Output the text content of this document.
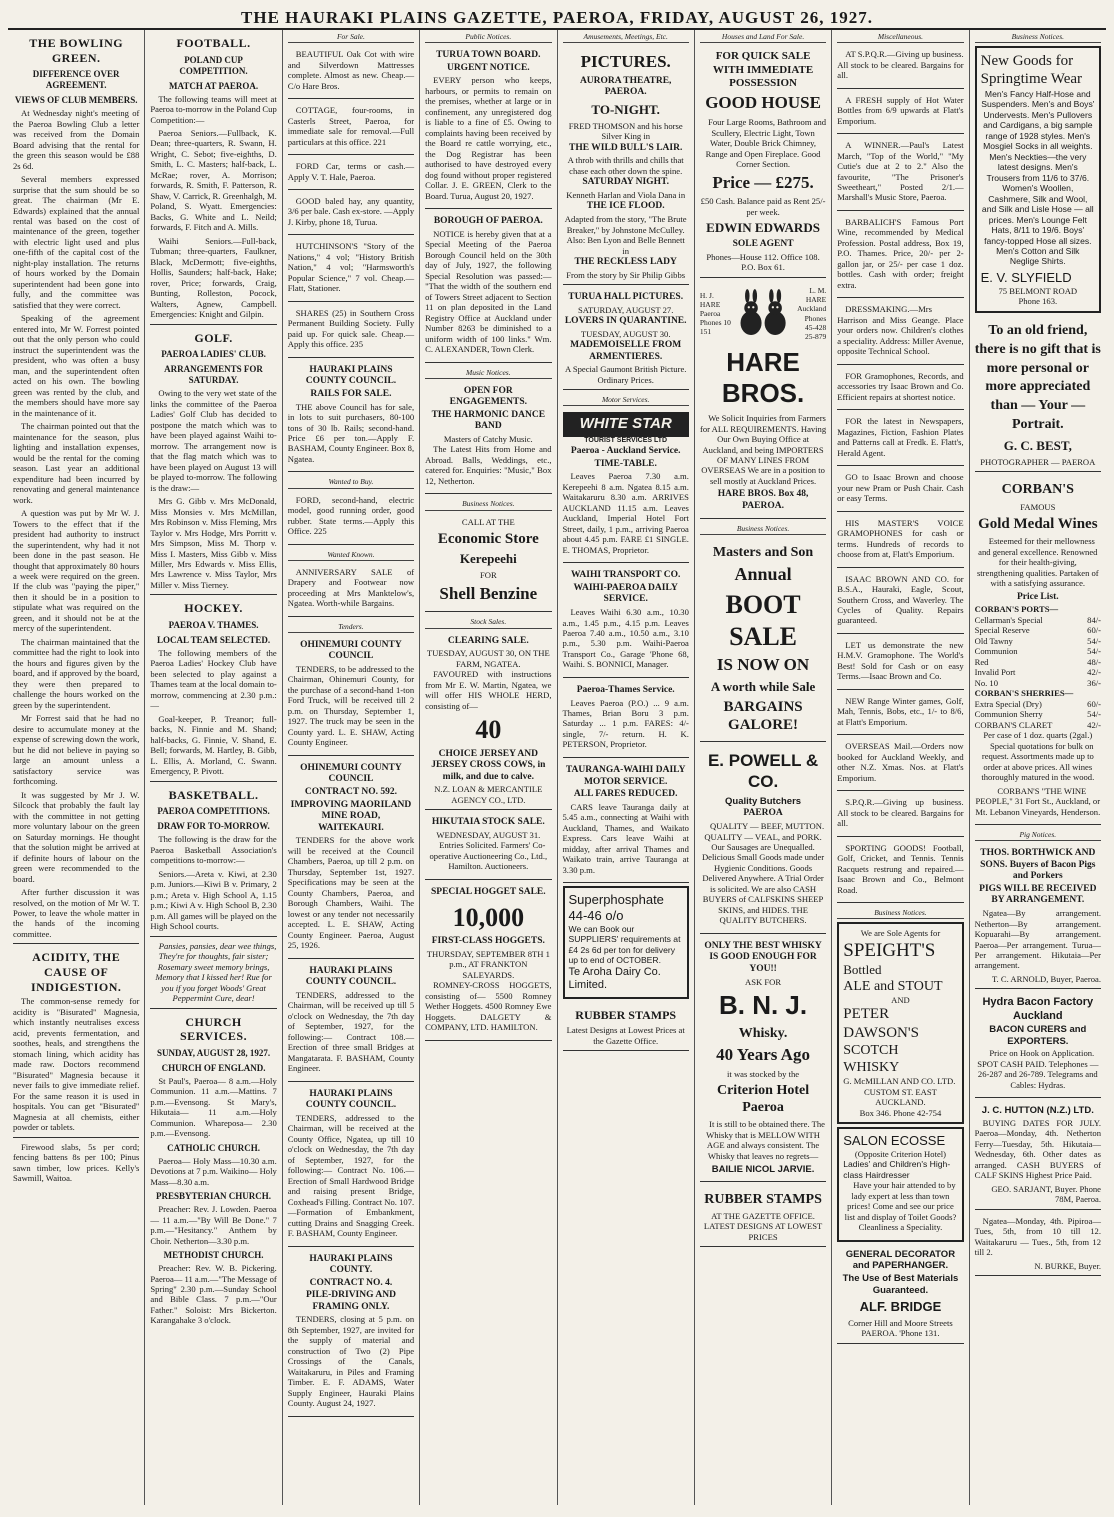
THE HAURAKI PLAINS GAZETTE, PAEROA, FRIDAY, AUGUST 26, 1927.
THE BOWLING GREEN.
DIFFERENCE OVER AGREEMENT.
VIEWS OF CLUB MEMBERS.

At Wednesday night's meeting of the Paeroa Bowling Club a letter was received from the Domain Board advising that the rental for the green this season would be £88 2s 6d.

Several members expressed surprise that the sum should be so great. The chairman (Mr E. Edwards) explained that the annual rental was based on the cost of maintenance of the green, together with electric light used and plus one-fifth of the capital cost of the night-play installation. The returns of hours worked by the Domain superintendent had been gone into fully, and the committee was satisfied that they were correct.

Speaking of the agreement entered into, Mr W. Forrest pointed out that the only person who could instruct the superintendent was the president, who was often a busy man, and the superintendent often acted on his own. The bowling green was rented by the club, and the members should have more say in the maintenance of it.

The chairman pointed out that the maintenance for the season, plus lighting and installation expenses, would be the rental for the coming season. Last year an additional expenditure had been incurred by renovating and general maintenance work.

A question was put by Mr W. J. Towers to the effect that if the president had authority to instruct the superintendent, why had it not been done in the past season. He thought that approximately 80 hours a week were required on the green. If the club was "paying the piper," then it should be in a position to stipulate what was required on the green, and it should not be at the mercy of the superintendent.

The chairman maintained that the committee had the right to look into the hours and figures given by the board, and if approved by the board, they were then prepared to challenge the hours worked on the green by the superintendent.

Mr Forrest said that he had no desire to accumulate money at the expense of screwing down the work, but he did not believe in paying so large an amount unless a satisfactory service was forthcoming.

It was suggested by Mr J. W. Silcock that probably the fault lay with the committee in not getting more voluntary labour on the green on Saturday mornings. He thought that the solution might be arrived at if definite hours of labour on the green were recommended to the board.

After further discussion it was resolved, on the motion of Mr W. T. Power, to leave the whole matter in the hands of the incoming committee.

ACIDITY, THE CAUSE OF INDIGESTION.

The common-sense remedy for acidity is "Bisurated" Magnesia, which instantly neutralises excess acid, prevents fermentation, and soothes, heals, and strengthens the stomach lining, which acidity has made raw. Doctors recommend "Bisurated" Magnesia because it never fails to give immediate relief. For the same reason it is used in hospitals. You can get "Bisurated" Magnesia at all chemists, either powder or tablets.

Firewood slabs, 5s per cord; fencing battens 8s per 100; Pinus sawn timber, low prices. Kelly's Sawmill, Waitoa.

FOOTBALL.
POLAND CUP COMPETITION.
MATCH AT PAEROA.

The following teams will meet at Paeroa to-morrow in the Poland Cup Competition:—

Paeroa Seniors.—Fullback, K. Dean; three-quarters, R. Swann, H. Wright, C. Sebot; five-eighths, D. Smith, L. C. Masters; half-back, L. McRae; rover, A. Morrison; forwards, R. Smith, F. Patterson, R. Shaw, V. Carrick, R. Greenhalgh, M. Poland, S. Wyatt. Emergencies: Backs, G. White and L. Neild; forwards, F. Fitch and A. Mills.

Waihi Seniors.—Full-back, Tubman; three-quarters, Faulkner, Black, McDermott; five-eighths, Hollis, Saunders; half-back, Hake; rover, Price; forwards, Craig, Bunting, Rolleston, Pocock, Walters, Agnew, Campbell. Emergencies: Knight and Gilpin.

GOLF.
PAEROA LADIES' CLUB.
ARRANGEMENTS FOR SATURDAY.

Owing to the very wet state of the links the committee of the Paeroa Ladies' Golf Club has decided to postpone the match which was to have been played against Waihi to-morrow. The arrangement now is that the flag match which was to have been played on August 13 will be played to-morrow. The following is the draw:—

Mrs G. Gibb v. Mrs McDonald, Miss Monsies v. Mrs McMillan, Mrs Robinson v. Miss Fleming, Mrs Taylor v. Mrs Hodge, Mrs Porritt v. Mrs Simpson, Miss M. Thorp v. Miss I. Masters, Miss Gibb v. Miss Miller, Mrs Edwards v. Miss Ellis, Mrs Lawrence v. Miss Taylor, Mrs Miller v. Miss Tierney.

HOCKEY.
PAEROA V. THAMES.
LOCAL TEAM SELECTED.

The following members of the Paeroa Ladies' Hockey Club have been selected to play against a Thames team at the local domain to-morrow, commencing at 2.30 p.m.:—

Goal-keeper, P. Treanor; full-backs, N. Finnie and M. Shand; half-backs, G. Finnie, V. Shand, E. Bell; forwards, M. Hartley, B. Gibb, L. Ellis, A. Morland, C. Swann. Emergency, P. Pivott.

BASKETBALL.
PAEROA COMPETITIONS.
DRAW FOR TO-MORROW.

The following is the draw for the Paeroa Basketball Association's competitions to-morrow:—

Seniors.—Areta v. Kiwi, at 2.30 p.m. Juniors.—Kiwi B v. Primary, 2 p.m.; Areta v. High School A, 1.15 p.m.; Kiwi A v. High School B, 2.30 p.m. All games will be played on the High School courts.

Pansies, pansies, dear wee things, They're for thoughts, fair sister; Rosemary sweet memory brings, Memory that I kissed her! Rue for you if you forget Woods' Great Peppermint Cure, dear!

CHURCH SERVICES.
SUNDAY, AUGUST 28, 1927.
CHURCH OF ENGLAND.

St Paul's, Paeroa— 8 a.m.—Holy Communion. 11 a.m.—Mattins. 7 p.m.—Evensong. St Mary's, Hikutaia— 11 a.m.—Holy Communion. Whareposa— 2.30 p.m.—Evensong.

CATHOLIC CHURCH.

Paeroa— Holy Mass—10.30 a.m. Devotions at 7 p.m. Waikino— Holy Mass—8.30 a.m.

PRESBYTERIAN CHURCH.

Preacher: Rev. J. Lowden. Paeroa— 11 a.m.—"By Will Be Done." 7 p.m.—"Hesitancy." Anthem by Choir. Netherton—3.30 p.m.

METHODIST CHURCH.

Preacher: Rev. W. B. Pickering. Paeroa— 11 a.m.—"The Message of Spring" 2.30 p.m.—Sunday School and Bible Class. 7 p.m.—"Our Father." Soloist: Mrs Bickerton. Karangahake 3 o'clock.

For Sale.

BEAUTIFUL Oak Cot with wire and Silverdown Mattresses complete. Almost as new. Cheap.—C/o Hare Bros.

COTTAGE, four-rooms, in Casterls Street, Paeroa, for immediate sale for removal.—Full particulars at this office. 221

FORD Car, terms or cash.—Apply V. T. Hale, Paeroa.

GOOD baled hay, any quantity, 3/6 per bale. Cash ex-store. —Apply J. Kirby, phone 18, Turua.

HUTCHINSON'S "Story of the Nations," 4 vol; "History British Nation," 4 vol; "Harmsworth's Popular Science," 7 vol. Cheap.—Flatt, Stationer.

SHARES (25) in Southern Cross Permanent Building Society. Fully paid up. For quick sale. Cheap.—Apply this office. 235

HAURAKI PLAINS COUNTY COUNCIL.
RAILS FOR SALE.

THE above Council has for sale, in lots to suit purchasers, 80-100 tons of 30 lb. Rails; second-hand. Price £6 per ton.—Apply F. BASHAM, County Engineer. Box 8, Ngatea.

Wanted to Buy.

FORD, second-hand, electric model, good running order, good rubber. State terms.—Apply this Office. 225

Wanted Known.

ANNIVERSARY SALE of Drapery and Footwear now proceeding at Mrs Manktelow's, Ngatea. Worth-while Bargains.

Tenders.
OHINEMURI COUNTY COUNCIL

TENDERS, to be addressed to the Chairman, Ohinemuri County, for the purchase of a second-hand 1-ton Ford Truck, will be received till 2 p.m. on Thursday, September 1, 1927. The truck may be seen in the County yard. L. E. SHAW, Acting County Engineer.

OHINEMURI COUNTY COUNCIL
CONTRACT NO. 592.
IMPROVING MAORILAND MINE ROAD, WAITEKAURI.

TENDERS for the above work will be received at the Council Chambers, Paeroa, up till 2 p.m. on Thursday, September 1st, 1927. Specifications may be seen at the County Chambers, Paeroa, and Borough Chambers, Waihi. The lowest or any tender not necessarily accepted. L. E. SHAW, Acting County Engineer. Paeroa, August 25, 1926.

HAURAKI PLAINS COUNTY COUNCIL.

TENDERS, addressed to the Chairman, will be received up till 5 o'clock on Wednesday, the 7th day of September, 1927, for the following:— Contract 108.—Erection of three small Bridges at Mangatarata. F. BASHAM, County Engineer.

HAURAKI PLAINS COUNTY COUNCIL.

TENDERS, addressed to the Chairman, will be received at the County Office, Ngatea, up till 10 o'clock on Wednesday, the 7th day of September, 1927, for the following:— Contract No. 106.—Erection of Small Hardwood Bridge and raising present Bridge, Coxhead's Filling. Contract No. 107.—Formation of Embankment, cutting Drains and Snagging Creek. F. BASHAM, County Engineer.

HAURAKI PLAINS COUNTY.
CONTRACT NO. 4.
PILE-DRIVING AND FRAMING ONLY.

TENDERS, closing at 5 p.m. on 8th September, 1927, are invited for the supply of material and construction of Two (2) Pipe Crossings of the Canals, Waitakaruru, in Piles and Framing Timber. E. F. ADAMS, Water Supply Engineer, Hauraki Plains County. August 24, 1927.

Public Notices.
TURUA TOWN BOARD.
URGENT NOTICE.

EVERY person who keeps, harbours, or permits to remain on the premises, whether at large or in confinement, any unregistered dog is liable to a fine of £5. Owing to complaints having been received by the Board re cattle worrying, etc., the Dog Registrar has been authorised to have destroyed every dog found without proper registered Collar. J. E. GREEN, Clerk to the Board. Turua, August 20, 1927.

BOROUGH OF PAEROA.

NOTICE is hereby given that at a Special Meeting of the Paeroa Borough Council held on the 30th day of July, 1927, the following Special Resolution was passed:— "That the width of the southern end of Towers Street adjacent to Section 11 on plan deposited in the Land Registry Office at Auckland under Number 8263 be diminished to a uniform width of 100 links." Wm. C. ALEXANDER, Town Clerk.

Music Notices.
OPEN FOR ENGAGEMENTS.
THE HARMONIC DANCE BAND
Masters of Catchy Music.

The Latest Hits from Home and Abroad. Balls, Weddings, etc., catered for. Enquiries: "Music," Box 12, Netherton.

Business Notices.
CALL AT THE
Economic Store
Kerepeehi
FOR
Shell Benzine
Stock Sales.
CLEARING SALE.
TUESDAY, AUGUST 30, ON THE FARM, NGATEA.

FAVOURED with instructions from Mr E. W. Martin, Ngatea, we will offer HIS WHOLE HERD, consisting of—

40
CHOICE JERSEY AND JERSEY CROSS COWS, in milk, and due to calve.
N.Z. LOAN & MERCANTILE AGENCY CO., LTD.
HIKUTAIA STOCK SALE.
WEDNESDAY, AUGUST 31.

Entries Solicited. Farmers' Co-operative Auctioneering Co., Ltd., Hamilton. Auctioneers.

SPECIAL HOGGET SALE.
10,000
FIRST-CLASS HOGGETS.
THURSDAY, SEPTEMBER 8TH 1 p.m., AT FRANKTON SALEYARDS.

ROMNEY-CROSS HOGGETS, consisting of— 5500 Romney Wether Hoggets. 4500 Romney Ewe Hoggets. DALGETY & COMPANY, LTD. HAMILTON.

Amusements, Meetings, Etc.
PICTURES.
AURORA THEATRE, PAEROA.
TO-NIGHT.
FRED THOMSON and his horse Silver King in
THE WILD BULL'S LAIR.
A throb with thrills and chills that chase each other down the spine.
SATURDAY NIGHT.
Kenneth Harlan and Viola Dana in
THE ICE FLOOD.
Adapted from the story, "The Brute Breaker," by Johnstone McCulley.
Also: Ben Lyon and Belle Bennett in
THE RECKLESS LADY
From the story by Sir Philip Gibbs
TURUA HALL PICTURES.
SATURDAY, AUGUST 27.
LOVERS IN QUARANTINE.
TUESDAY, AUGUST 30.
MADEMOISELLE FROM ARMENTIERES.
A Special Gaumont British Picture. Ordinary Prices.
Motor Services.
WHITE STAR
TOURIST SERVICES LTD
Paeroa - Auckland Service.
TIME-TABLE.

Leaves Paeroa 7.30 a.m. Kerepeehi 8 a.m. Ngatea 8.15 a.m. Waitakaruru 8.30 a.m. ARRIVES AUCKLAND 11.15 a.m. Leaves Auckland, Imperial Hotel Fort Street, daily, 1 p.m., arriving Paeroa about 4.45 p.m. FARE £1 SINGLE. E. THOMAS, Proprietor.

WAIHI TRANSPORT CO.
WAIHI-PAEROA DAILY SERVICE.

Leaves Waihi 6.30 a.m., 10.30 a.m., 1.45 p.m., 4.15 p.m. Leaves Paeroa 7.40 a.m., 10.50 a.m., 3.10 p.m., 5.30 p.m. Waihi-Paeroa Transport Co., Garage 'Phone 68, Waihi. S. BONNICI, Manager.

Paeroa-Thames Service.

Leaves Paeroa (P.O.) ... 9 a.m. Thames, Brian Boru 3 p.m. Saturday ... 1 p.m. FARES: 4/- single, 7/- return. H. K. PETERSON, Proprietor.

TAURANGA-WAIHI DAILY MOTOR SERVICE.
ALL FARES REDUCED.

CARS leave Tauranga daily at 5.45 a.m., connecting at Waihi with Auckland, Thames, and Waikato Express. Cars leave Waihi at midday, after arrival Thames and Waikato train, arrive Tauranga at 3.30 p.m.

Superphosphate 44-46 o/o
We can Book our SUPPLIERS' requirements at £4 2s 6d per ton for delivery up to end of OCTOBER.
Te Aroha Dairy Co. Limited.
RUBBER STAMPS
Latest Designs at Lowest Prices at the Gazette Office.
Houses and Land For Sale.
FOR QUICK SALE WITH IMMEDIATE POSSESSION
GOOD HOUSE

Four Large Rooms, Bathroom and Scullery, Electric Light, Town Water, Double Brick Chimney, Range and Open Fireplace. Good Corner Section.

Price — £275.
£50 Cash. Balance paid as Rent 25/- per week.
EDWIN EDWARDS
SOLE AGENT
Phones—House 112. Office 108. P.O. Box 61.
H. J. HARE Paeroa Phones 10 151
L. M. HARE Auckland Phones 45-428 25-879
HARE BROS.

We Solicit Inquiries from Farmers for ALL REQUIREMENTS. Having Our Own Buying Office at Auckland, and being IMPORTERS OF MANY LINES FROM OVERSEAS We are in a position to sell mostly at Auckland Prices.

HARE BROS. Box 48, PAEROA.
Business Notices.
Masters and Son
Annual
BOOT SALE
IS NOW ON
A worth while Sale
BARGAINS GALORE!
E. POWELL & CO.
Quality Butchers
PAEROA

QUALITY — BEEF, MUTTON. QUALITY — VEAL, and PORK. Our Sausages are Unequalled. Delicious Small Goods made under Hygienic Conditions. Goods Delivered Anywhere. A Trial Order is solicited. We are also CASH BUYERS of CALFSKINS SHEEP SKINS, and HIDES. THE QUALITY BUTCHERS.

ONLY THE BEST WHISKY IS GOOD ENOUGH FOR YOU!!
ASK FOR
B. N. J.
Whisky.
40 Years Ago
it was stocked by the
Criterion Hotel Paeroa

It is still to be obtained there. The Whisky that is MELLOW WITH AGE and always consistent. The Whisky that leaves no regrets—

BAILIE NICOL JARVIE.
RUBBER STAMPS
AT THE GAZETTE OFFICE. LATEST DESIGNS AT LOWEST PRICES
Miscellaneous.

AT S.P.Q.R.—Giving up business. All stock to be cleared. Bargains for all.

A FRESH supply of Hot Water Bottles from 6/9 upwards at Flatt's Emporium.

A WINNER.—Paul's Latest March, "Top of the World," "My Cutie's due at 2 to 2." Also the favourite, "The Prisoner's Sweetheart," Posted 2/1.—Marshall's Music Store, Paeroa.

BARBALICH'S Famous Port Wine, recommended by Medical Profession. Postal address, Box 19, P.O. Thames. Price, 20/- per 2-gallon jar, or 25/- per case 1 doz. bottles. Cash with order; freight extra.

DRESSMAKING.—Mrs Harrison and Miss Geange. Place your orders now. Children's clothes a speciality. Address: Miller Avenue, opposite Technical School.

FOR Gramophones, Records, and accessories try Isaac Brown and Co. Efficient repairs at shortest notice.

FOR the latest in Newspapers, Magazines, Fiction, Fashion Plates and Patterns call at Fredk. E. Flatt's, Herald Agent.

GO to Isaac Brown and choose your new Pram or Push Chair. Cash or easy Terms.

HIS MASTER'S VOICE GRAMOPHONES for cash or terms. Hundreds of records to choose from at, Flatt's Emporium.

ISAAC BROWN AND CO. for B.S.A., Hauraki, Eagle, Scout, Southern Cross, and Waverley. The Cycles of Quality. Repairs guaranteed.

LET us demonstrate the new H.M.V. Gramophone. The World's Best! Sold for Cash or on easy Terms.—Isaac Brown and Co.

NEW Range Winter games, Golf, Mah, Tennis, Bobs, etc., 1/- to 8/6, at Flatt's Emporium.

OVERSEAS Mail.—Orders now booked for Auckland Weekly, and other N.Z. Xmas. Nos. at Flatt's Emporium.

S.P.Q.R.—Giving up business. All stock to be cleared. Bargains for all.

SPORTING GOODS! Football, Golf, Cricket, and Tennis. Tennis Racquets restrung and repaired.—Isaac Brown and Co., Belmont Road.

Business Notices.
We are Sole Agents for
SPEIGHT'S
Bottled
ALE and STOUT
AND
PETER DAWSON'S
SCOTCH WHISKY
G. McMILLAN AND CO. LTD.
CUSTOM ST. EAST AUCKLAND.
Box 346. Phone 42-754
SALON ECOSSE
(Opposite Criterion Hotel)
Ladies' and Children's High-class Hairdresser

Have your hair attended to by lady expert at less than town prices! Come and see our price list and display of Toilet Goods? Cleanliness a Speciality.

GENERAL DECORATOR and PAPERHANGER.
The Use of Best Materials Guaranteed.
ALF. BRIDGE
Corner Hill and Moore Streets PAEROA. 'Phone 131.
Business Notices.
New Goods for Springtime Wear

Men's Fancy Half-Hose and Suspenders. Men's and Boys' Undervests. Men's Pullovers and Cardigans, a big sample range of 1928 styles. Men's Mosgiel Socks in all weights. Men's Neckties—the very latest designs. Men's Trousers from 11/6 to 37/6. Women's Woollen, Cashmere, Silk and Wool, and Silk and Lisle Hose — all prices. Men's Lounge Felt Hats, 8/11 to 19/6. Boys' fancy-topped Hose all sizes. Men's Cotton and Silk Neglige Shirts.

E. V. SLYFIELD
75 BELMONT ROAD
Phone 163.
To an old friend, there is no gift that is more personal or more appreciated than — Your — Portrait.
G. C. BEST,
PHOTOGRAPHER — PAEROA
CORBAN'S
FAMOUS
Gold Medal Wines

Esteemed for their mellowness and general excellence. Renowned for their health-giving, strengthening qualities. Partaken of with a satisfying assurance.

Price List.
CORBAN'S PORTS—
Cellarman's Special	84/-
Special Reserve	60/-
Old Tawny	54/-
Communion	54/-
Red	48/-
Invalid Port	42/-
No. 10	36/-
CORBAN'S SHERRIES—
Extra Special (Dry)	60/-
Communion Sherry	54/-
CORBAN'S CLARET	42/-
Per case of 1 doz. quarts (2gal.)

Special quotations for bulk on request. Assortments made up to order at above prices. All wines thoroughly matured in the wood.

CORBAN'S "THE WINE PEOPLE," 31 Fort St., Auckland, or Mt. Lebanon Vineyards, Henderson.

Pig Notices.
THOS. BORTHWICK AND SONS. Buyers of Bacon Pigs and Porkers
PIGS WILL BE RECEIVED BY ARRANGEMENT.

Ngatea—By arrangement. Netherton—By arrangement. Kopuarahi—By arrangement. Paeroa—Per arrangement. Turua—Per arrangement. Hikutaia—Per arrangement.

T. C. ARNOLD, Buyer, Paeroa.
Hydra Bacon Factory Auckland
BACON CURERS and EXPORTERS.

Price on Hook on Application. SPOT CASH PAID. Telephones — 26-287 and 26-789. Telegrams and Cables: Hydras.

J. C. HUTTON (N.Z.) LTD.

BUYING DATES FOR JULY. Paeroa—Monday, 4th. Netherton Ferry—Tuesday, 5th. Hikutaia—Wednesday, 6th. Other dates as arranged. CASH BUYERS of CALF SKINS Highest Price Paid.

GEO. SARJANT, Buyer. Phone 78M, Paeroa.

Ngatea—Monday, 4th. Pipiroa— Tues, 5th, from 10 till 12. Waitakaruru — Tues., 5th, from 12 till 2.

N. BURKE, Buyer.
